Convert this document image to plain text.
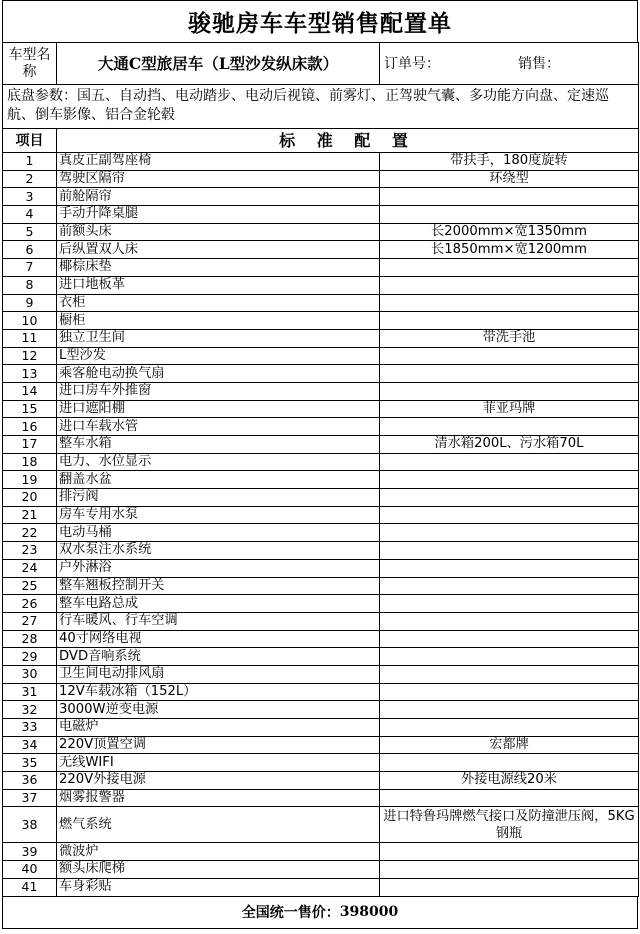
骏驰房车车型销售配置单
车型名称	大通C型旅居车（L型沙发纵床款）	订单号： 销售：
底盘参数：国五、自动挡、电动踏步、电动后视镜、前雾灯、正驾驶气囊、多功能方向盘、定速巡航、倒车影像、铝合金轮毂		
项目	标 准 配 置	
1	真皮正副驾座椅	带扶手，180度旋转
2	驾驶区隔帘	环绕型
3	前舱隔帘	
4	手动升降桌腿	
5	前额头床	长2000mm×宽1350mm
6	后纵置双人床	长1850mm×宽1200mm
7	椰棕床垫	
8	进口地板革	
9	衣柜	
10	橱柜	
11	独立卫生间	带洗手池
12	L型沙发	
13	乘客舱电动换气扇	
14	进口房车外推窗	
15	进口遮阳棚	菲亚玛牌
16	进口车载水管	
17	整车水箱	清水箱200L、污水箱70L
18	电力、水位显示	
19	翻盖水盆	
20	排污阀	
21	房车专用水泵	
22	电动马桶	
23	双水泵注水系统	
24	户外淋浴	
25	整车翘板控制开关	
26	整车电路总成	
27	行车暖风、行车空调	
28	40寸网络电视	
29	DVD音响系统	
30	卫生间电动排风扇	
31	12V车载冰箱（152L）	
32	3000W逆变电源	
33	电磁炉	
34	220V顶置空调	宏都牌
35	无线WIFI	
36	220V外接电源	外接电源线20米
37	烟雾报警器	
38	燃气系统	进口特鲁玛牌燃气接口及防撞泄压阀，5KG钢瓶
39	微波炉	
40	额头床爬梯	
41	车身彩贴	
全国统一售价： 398000
